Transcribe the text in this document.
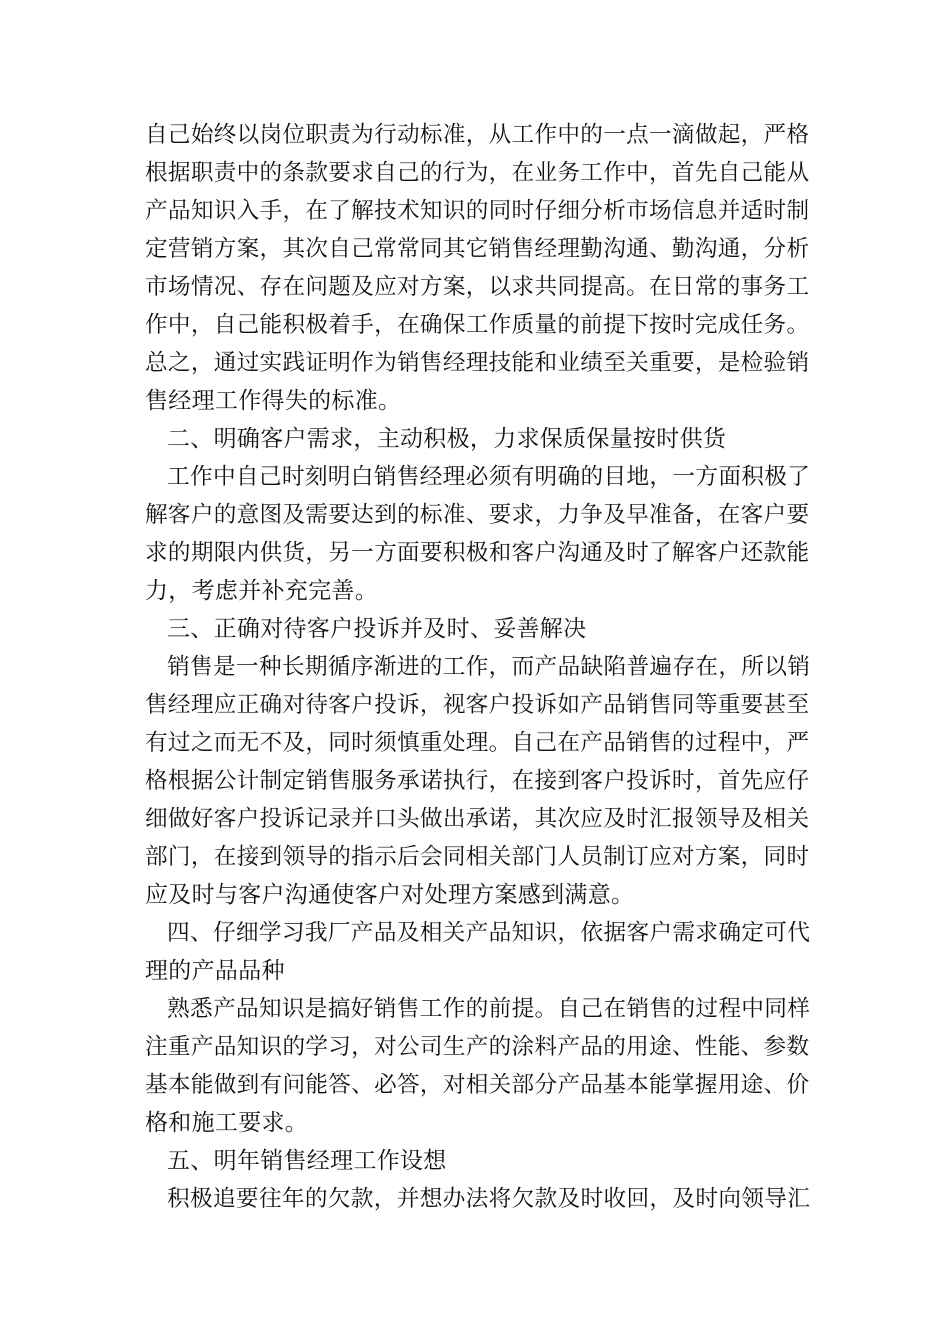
自己始终以岗位职责为行动标准，从工作中的一点一滴做起，严格
根据职责中的条款要求自己的行为，在业务工作中，首先自己能从
产品知识入手，在了解技术知识的同时仔细分析市场信息并适时制
定营销方案，其次自己常常同其它销售经理勤沟通、勤沟通，分析
市场情况、存在问题及应对方案，以求共同提高。在日常的事务工
作中，自己能积极着手，在确保工作质量的前提下按时完成任务。
总之，通过实践证明作为销售经理技能和业绩至关重要，是检验销
售经理工作得失的标准。
二、明确客户需求，主动积极，力求保质保量按时供货
工作中自己时刻明白销售经理必须有明确的目地，一方面积极了
解客户的意图及需要达到的标准、要求，力争及早准备，在客户要
求的期限内供货，另一方面要积极和客户沟通及时了解客户还款能
力，考虑并补充完善。
三、正确对待客户投诉并及时、妥善解决
销售是一种长期循序渐进的工作，而产品缺陷普遍存在，所以销
售经理应正确对待客户投诉，视客户投诉如产品销售同等重要甚至
有过之而无不及，同时须慎重处理。自己在产品销售的过程中，严
格根据公计制定销售服务承诺执行，在接到客户投诉时，首先应仔
细做好客户投诉记录并口头做出承诺，其次应及时汇报领导及相关
部门，在接到领导的指示后会同相关部门人员制订应对方案，同时
应及时与客户沟通使客户对处理方案感到满意。
四、仔细学习我厂产品及相关产品知识，依据客户需求确定可代
理的产品品种
熟悉产品知识是搞好销售工作的前提。自己在销售的过程中同样
注重产品知识的学习，对公司生产的涂料产品的用途、性能、参数
基本能做到有问能答、必答，对相关部分产品基本能掌握用途、价
格和施工要求。
五、明年销售经理工作设想
积极追要往年的欠款，并想办法将欠款及时收回，及时向领导汇
